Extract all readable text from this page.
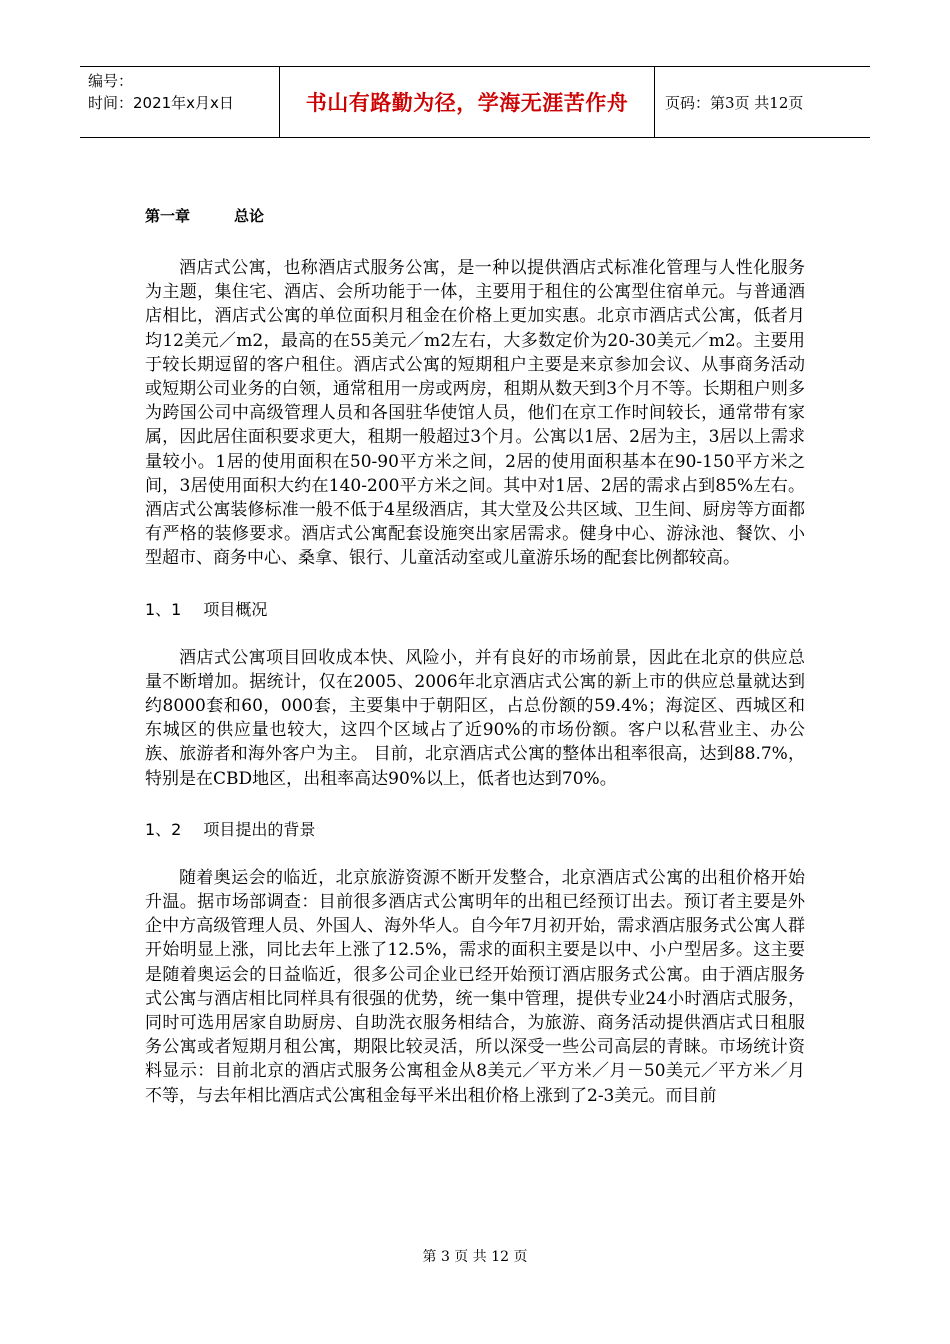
编号：
时间：2021年x月x日	书山有路勤为径，学海无涯苦作舟	页码：第3页 共12页
第一章	总论

酒店式公寓，也称酒店式服务公寓，是一种以提供酒店式标准化管理与人性化服务为主题，集住宅、酒店、会所功能于一体，主要用于租住的公寓型住宿单元。与普通酒店相比，酒店式公寓的单位面积月租金在价格上更加实惠。北京市酒店式公寓，低者月均12美元／m2，最高的在55美元／m2左右，大多数定价为20-30美元／m2。主要用于较长期逗留的客户租住。酒店式公寓的短期租户主要是来京参加会议、从事商务活动或短期公司业务的白领，通常租用一房或两房，租期从数天到3个月不等。长期租户则多为跨国公司中高级管理人员和各国驻华使馆人员，他们在京工作时间较长，通常带有家属，因此居住面积要求更大，租期一般超过3个月。公寓以1居、2居为主，3居以上需求量较小。1居的使用面积在50-90平方米之间，2居的使用面积基本在90-150平方米之间，3居使用面积大约在140-200平方米之间。其中对1居、2居的需求占到85%左右。酒店式公寓装修标准一般不低于4星级酒店，其大堂及公共区域、卫生间、厨房等方面都有严格的装修要求。酒店式公寓配套设施突出家居需求。健身中心、游泳池、餐饮、小型超市、商务中心、桑拿、银行、儿童活动室或儿童游乐场的配套比例都较高。

1、1 项目概况

酒店式公寓项目回收成本快、风险小，并有良好的市场前景，因此在北京的供应总量不断增加。据统计，仅在2005、2006年北京酒店式公寓的新上市的供应总量就达到约8000套和60，000套，主要集中于朝阳区，占总份额的59.4%；海淀区、西城区和东城区的供应量也较大，这四个区域占了近90%的市场份额。客户以私营业主、办公族、旅游者和海外客户为主。 目前，北京酒店式公寓的整体出租率很高，达到88.7%，特别是在CBD地区，出租率高达90%以上，低者也达到70%。

1、2 项目提出的背景

随着奥运会的临近，北京旅游资源不断开发整合，北京酒店式公寓的出租价格开始升温。据市场部调查：目前很多酒店式公寓明年的出租已经预订出去。预订者主要是外企中方高级管理人员、外国人、海外华人。自今年7月初开始，需求酒店服务式公寓人群开始明显上涨，同比去年上涨了12.5%，需求的面积主要是以中、小户型居多。这主要是随着奥运会的日益临近，很多公司企业已经开始预订酒店服务式公寓。由于酒店服务式公寓与酒店相比同样具有很强的优势，统一集中管理，提供专业24小时酒店式服务，同时可选用居家自助厨房、自助洗衣服务相结合，为旅游、商务活动提供酒店式日租服务公寓或者短期月租公寓，期限比较灵活，所以深受一些公司高层的青睐。市场统计资料显示：目前北京的酒店式服务公寓租金从8美元／平方米／月－50美元／平方米／月不等，与去年相比酒店式公寓租金每平米出租价格上涨到了2-3美元。而目前

第 3 页 共 12 页
